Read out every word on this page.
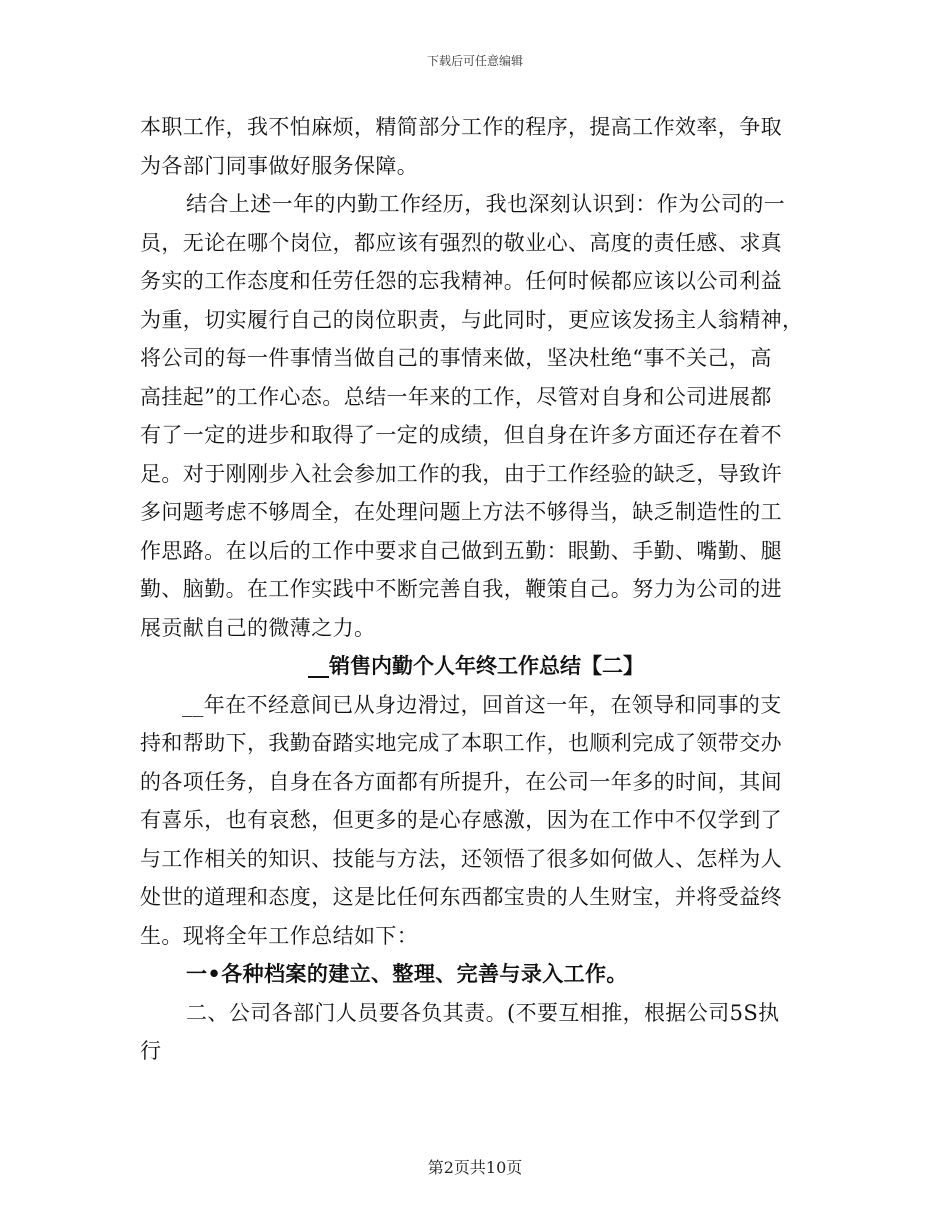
下载后可任意编辑
本职工作，我不怕麻烦，精简部分工作的程序，提高工作效率，争取
为各部门同事做好服务保障。
结合上述一年的内勤工作经历，我也深刻认识到：作为公司的一
员，无论在哪个岗位，都应该有强烈的敬业心、高度的责任感、求真
务实的工作态度和任劳任怨的忘我精神。任何时候都应该以公司利益
为重，切实履行自己的岗位职责，与此同时，更应该发扬主人翁精神，
将公司的每一件事情当做自己的事情来做，坚决杜绝“事不关己，高
高挂起”的工作心态。总结一年来的工作，尽管对自身和公司进展都
有了一定的进步和取得了一定的成绩，但自身在许多方面还存在着不
足。对于刚刚步入社会参加工作的我，由于工作经验的缺乏，导致许
多问题考虑不够周全，在处理问题上方法不够得当，缺乏制造性的工
作思路。在以后的工作中要求自己做到五勤：眼勤、手勤、嘴勤、腿
勤、脑勤。在工作实践中不断完善自我，鞭策自己。努力为公司的进
展贡献自己的微薄之力。
__销售内勤个人年终工作总结【二】
__年在不经意间已从身边滑过，回首这一年，在领导和同事的支
持和帮助下，我勤奋踏实地完成了本职工作，也顺利完成了领带交办
的各项任务，自身在各方面都有所提升，在公司一年多的时间，其间
有喜乐，也有哀愁，但更多的是心存感激，因为在工作中不仅学到了
与工作相关的知识、技能与方法，还领悟了很多如何做人、怎样为人
处世的道理和态度，这是比任何东西都宝贵的人生财宝，并将受益终
生。现将全年工作总结如下：
一•各种档案的建立、整理、完善与录入工作。
二、公司各部门人员要各负其责。(不要互相推，根据公司5S执
行
第2页共10页
